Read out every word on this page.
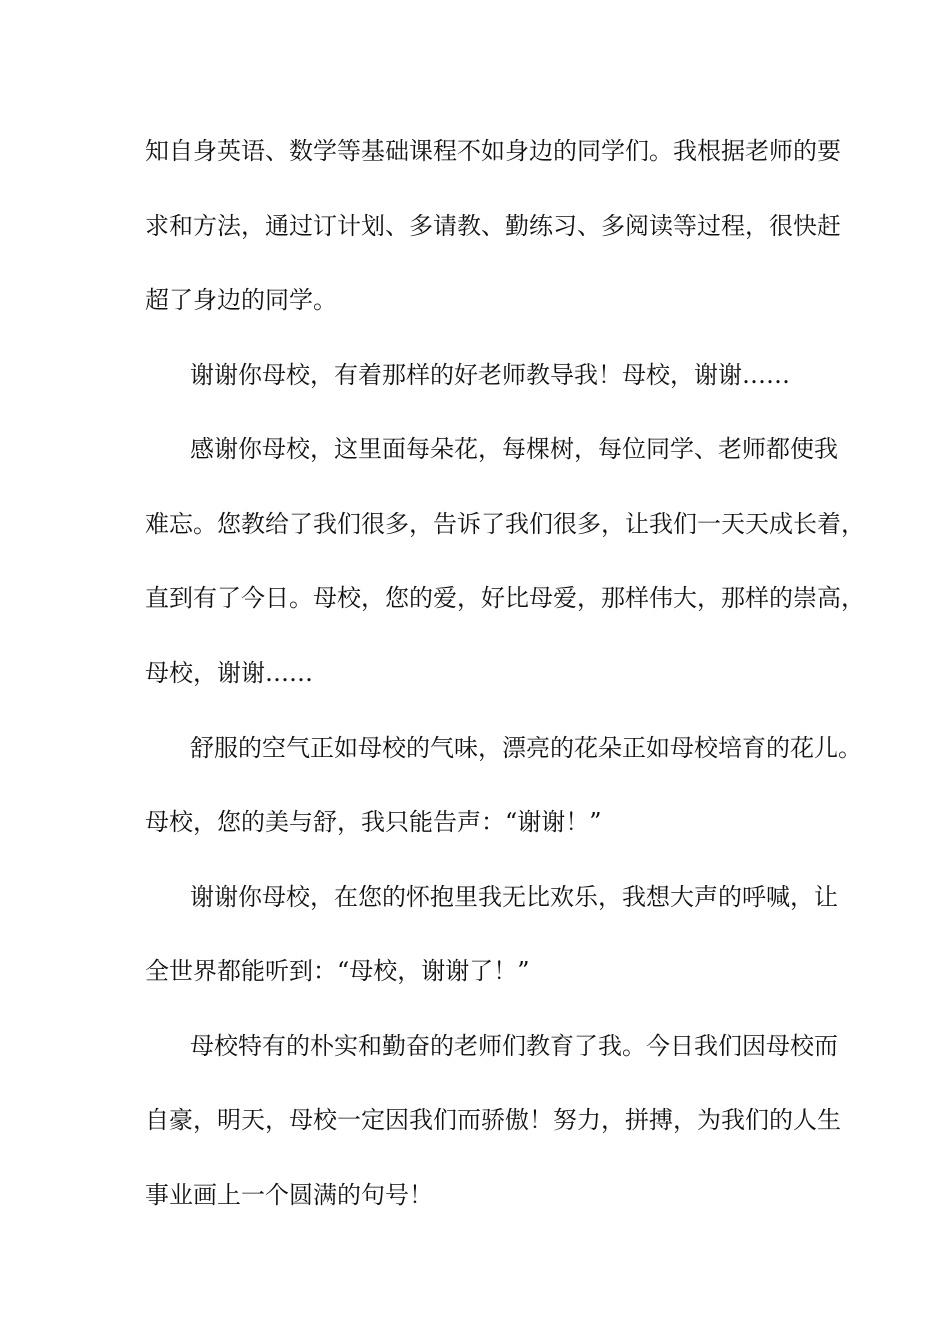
知自身英语、数学等基础课程不如身边的同学们。我根据老师的要
求和方法，通过订计划、多请教、勤练习、多阅读等过程，很快赶
超了身边的同学。
谢谢你母校，有着那样的好老师教导我！母校，谢谢……
感谢你母校，这里面每朵花，每棵树，每位同学、老师都使我
难忘。您教给了我们很多，告诉了我们很多，让我们一天天成长着，
直到有了今日。母校，您的爱，好比母爱，那样伟大，那样的崇高，
母校，谢谢……
舒服的空气正如母校的气味，漂亮的花朵正如母校培育的花儿。
母校，您的美与舒，我只能告声：“谢谢！”
谢谢你母校，在您的怀抱里我无比欢乐，我想大声的呼喊，让
全世界都能听到：“母校，谢谢了！”
母校特有的朴实和勤奋的老师们教育了我。今日我们因母校而
自豪，明天，母校一定因我们而骄傲！努力，拼搏，为我们的人生
事业画上一个圆满的句号！
